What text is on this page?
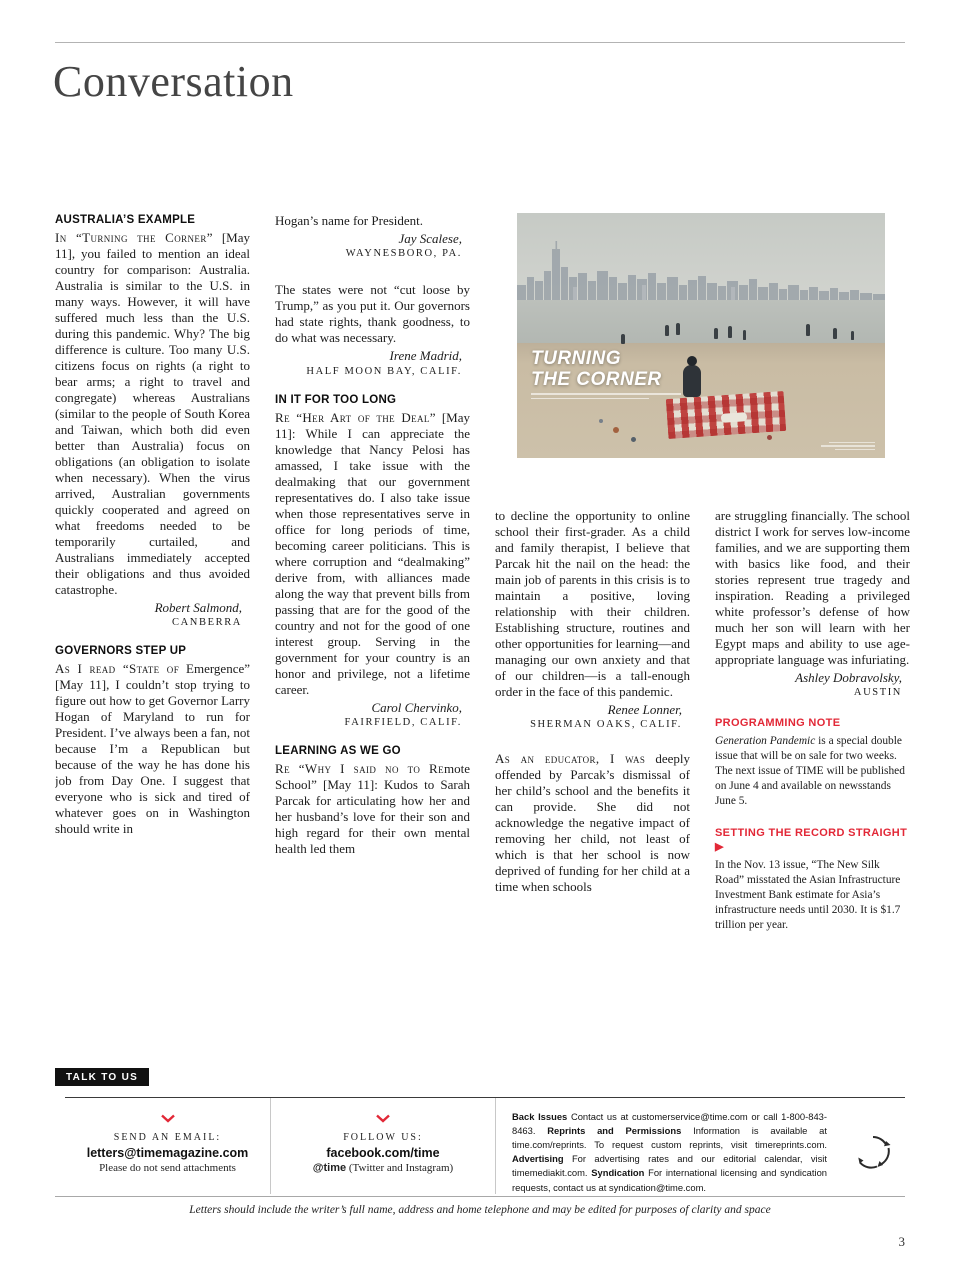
Conversation
AUSTRALIA’S EXAMPLE

In “Turning the Corner” [May 11], you failed to mention an ideal country for comparison: Australia. Australia is similar to the U.S. in many ways. However, it will have suffered much less than the U.S. during this pandemic. Why? The big difference is culture. Too many U.S. citizens focus on rights (a right to bear arms; a right to travel and congregate) whereas Australians (similar to the people of South Korea and Taiwan, which both did even better than Australia) focus on obligations (an obligation to isolate when necessary). When the virus arrived, Australian governments quickly cooperated and agreed on what freedoms needed to be temporarily curtailed, and Australians immediately accepted their obligations and thus avoided catastrophe.

Robert Salmond,
CANBERRA
GOVERNORS STEP UP

As I read “State of Emergence” [May 11], I couldn’t stop trying to figure out how to get Governor Larry Hogan of Maryland to run for President. I’ve always been a fan, not because I’m a Republican but because of the way he has done his job from Day One. I suggest that everyone who is sick and tired of whatever goes on in Washington should write in

Hogan’s name for President.

Jay Scalese,
WAYNESBORO, PA.

The states were not “cut loose by Trump,” as you put it. Our governors had state rights, thank goodness, to do what was necessary.

Irene Madrid,
HALF MOON BAY, CALIF.
IN IT FOR TOO LONG

Re “Her Art of the Deal” [May 11]: While I can appreciate the knowledge that Nancy Pelosi has amassed, I take issue with the dealmaking that our government representatives do. I also take issue when those representatives serve in office for long periods of time, becoming career politicians. This is where corruption and “dealmaking” derive from, with alliances made along the way that prevent bills from passing that are for the good of the country and not for the good of one interest group. Serving in the government for your country is an honor and privilege, not a lifetime career.

Carol Chervinko,
FAIRFIELD, CALIF.
LEARNING AS WE GO

Re “Why I said no to Remote School” [May 11]: Kudos to Sarah Parcak for articulating how her and her husband’s love for their son and high regard for their own mental health led them

TURNING
THE CORNER

to decline the opportunity to online school their first-grader. As a child and family therapist, I believe that Parcak hit the nail on the head: the main job of parents in this crisis is to maintain a positive, loving relationship with their children. Establishing structure, routines and other opportunities for learning—and managing our own anxiety and that of our children—is a tall-enough order in the face of this pandemic.

Renee Lonner,
SHERMAN OAKS, CALIF.

As an educator, I was deeply offended by Parcak’s dismissal of her child’s school and the benefits it can provide. She did not acknowledge the negative impact of removing her child, not least of which is that her school is now deprived of funding for her child at a time when schools

are struggling financially. The school district I work for serves low-income families, and we are supporting them with basics like food, and their stories represent true tragedy and inspiration. Reading a privileged white professor’s defense of how much her son will learn with her Egypt maps and ability to use age-appropriate language was infuriating.

Ashley Dobravolsky,
AUSTIN
PROGRAMMING NOTE

Generation Pandemic is a special double issue that will be on sale for two weeks. The next issue of TIME will be published on June 4 and available on newsstands June 5.

SETTING THE RECORD STRAIGHT ▶

In the Nov. 13 issue, “The New Silk Road” misstated the Asian Infrastructure Investment Bank estimate for Asia’s infrastructure needs until 2030. It is $1.7 trillion per year.

TALK TO US
SEND AN EMAIL:
letters@timemagazine.com
Please do not send attachments
FOLLOW US:
facebook.com/time
@time (Twitter and Instagram)

Back Issues Contact us at customerservice@time.com or call 1-800-843-8463. Reprints and Permissions Information is available at time.com/reprints. To request custom reprints, visit timereprints.com. Advertising For advertising rates and our editorial calendar, visit timemediakit.com. Syndication For international licensing and syndication requests, contact us at syndication@time.com.

Letters should include the writer’s full name, address and home telephone and may be edited for purposes of clarity and space
3
